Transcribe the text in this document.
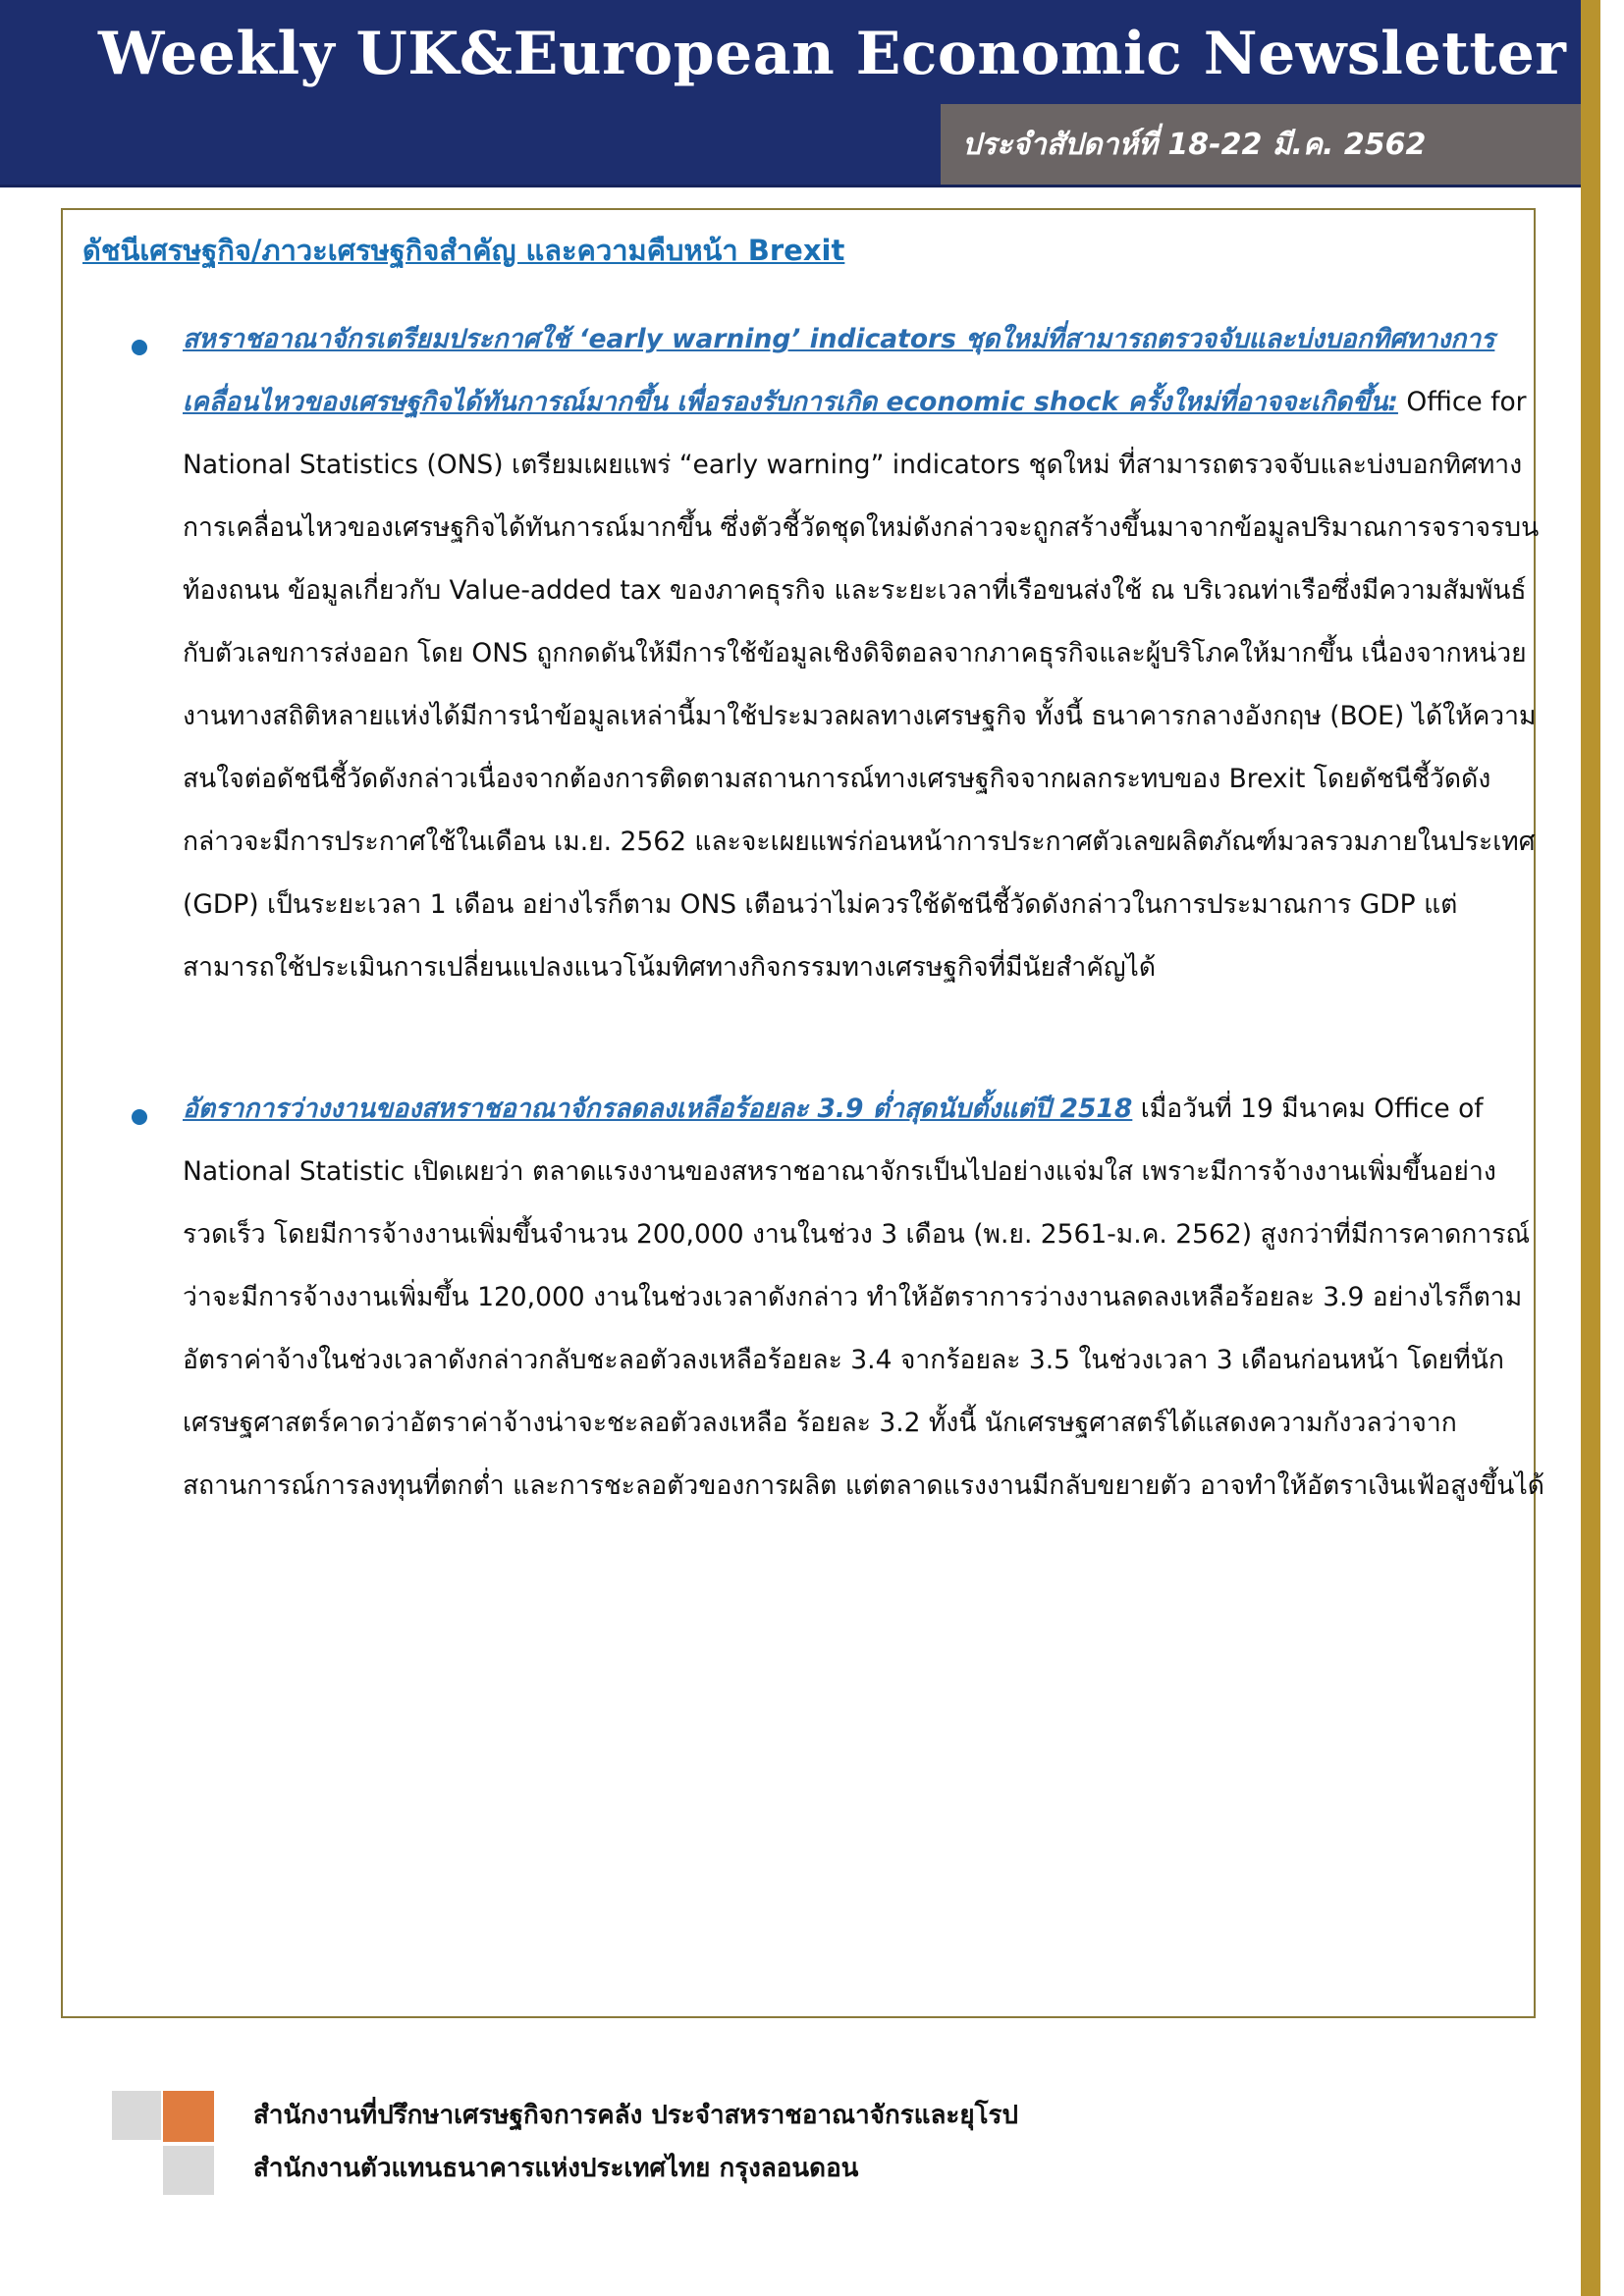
Weekly UK&European Economic Newsletter
ประจำสัปดาห์ที่ 18-22 มี.ค. 2562
ดัชนีเศรษฐกิจ/ภาวะเศรษฐกิจสำคัญ และความคืบหน้า Brexit
สหราชอาณาจักรเตรียมประกาศใช้ ‘early warning’ indicators ชุดใหม่ที่สามารถตรวจจับและบ่งบอกทิศทางการเคลื่อนไหวของเศรษฐกิจได้ทันการณ์มากขึ้น เพื่อรองรับการเกิด economic shock ครั้งใหม่ที่อาจจะเกิดขึ้น: Office for National Statistics (ONS) เตรียมเผยแพร่ “early warning” indicators ชุดใหม่ ที่สามารถตรวจจับและบ่งบอกทิศทางการเคลื่อนไหวของเศรษฐกิจได้ทันการณ์มากขึ้น ซึ่งตัวชี้วัดชุดใหม่ดังกล่าวจะถูกสร้างขึ้นมาจากข้อมูลปริมาณการจราจรบนท้องถนน ข้อมูลเกี่ยวกับ Value-added tax ของภาคธุรกิจ และระยะเวลาที่เรือขนส่งใช้ ณ บริเวณท่าเรือซึ่งมีความสัมพันธ์กับตัวเลขการส่งออก โดย ONS ถูกกดดันให้มีการใช้ข้อมูลเชิงดิจิตอลจากภาคธุรกิจและผู้บริโภคให้มากขึ้น เนื่องจากหน่วยงานทางสถิติหลายแห่งได้มีการนำข้อมูลเหล่านี้มาใช้ประมวลผลทางเศรษฐกิจ ทั้งนี้ ธนาคารกลางอังกฤษ (BOE) ได้ให้ความสนใจต่อดัชนีชี้วัดดังกล่าวเนื่องจากต้องการติดตามสถานการณ์ทางเศรษฐกิจจากผลกระทบของ Brexit โดยดัชนีชี้วัดดังกล่าวจะมีการประกาศใช้ในเดือน เม.ย. 2562 และจะเผยแพร่ก่อนหน้าการประกาศตัวเลขผลิตภัณฑ์มวลรวมภายในประเทศ (GDP) เป็นระยะเวลา 1 เดือน อย่างไรก็ตาม ONS เตือนว่าไม่ควรใช้ดัชนีชี้วัดดังกล่าวในการประมาณการ GDP แต่สามารถใช้ประเมินการเปลี่ยนแปลงแนวโน้มทิศทางกิจกรรมทางเศรษฐกิจที่มีนัยสำคัญได้
อัตราการว่างงานของสหราชอาณาจักรลดลงเหลือร้อยละ 3.9 ต่ำสุดนับตั้งแต่ปี 2518 เมื่อวันที่ 19 มีนาคม Office of National Statistic เปิดเผยว่า ตลาดแรงงานของสหราชอาณาจักรเป็นไปอย่างแจ่มใส เพราะมีการจ้างงานเพิ่มขึ้นอย่างรวดเร็ว โดยมีการจ้างงานเพิ่มขึ้นจำนวน 200,000 งานในช่วง 3 เดือน (พ.ย. 2561-ม.ค. 2562) สูงกว่าที่มีการคาดการณ์ว่าจะมีการจ้างงานเพิ่มขึ้น 120,000 งานในช่วงเวลาดังกล่าว ทำให้อัตราการว่างงานลดลงเหลือร้อยละ 3.9 อย่างไรก็ตาม อัตราค่าจ้างในช่วงเวลาดังกล่าวกลับชะลอตัวลงเหลือร้อยละ 3.4 จากร้อยละ 3.5 ในช่วงเวลา 3 เดือนก่อนหน้า โดยที่นักเศรษฐศาสตร์คาดว่าอัตราค่าจ้างน่าจะชะลอตัวลงเหลือ ร้อยละ 3.2 ทั้งนี้ นักเศรษฐศาสตร์ได้แสดงความกังวลว่าจากสถานการณ์การลงทุนที่ตกต่ำ และการชะลอตัวของการผลิต แต่ตลาดแรงงานมีกลับขยายตัว อาจทำให้อัตราเงินเฟ้อสูงขึ้นได้
สำนักงานที่ปรึกษาเศรษฐกิจการคลัง ประจำสหราชอาณาจักรและยุโรป
สำนักงานตัวแทนธนาคารแห่งประเทศไทย กรุงลอนดอน
